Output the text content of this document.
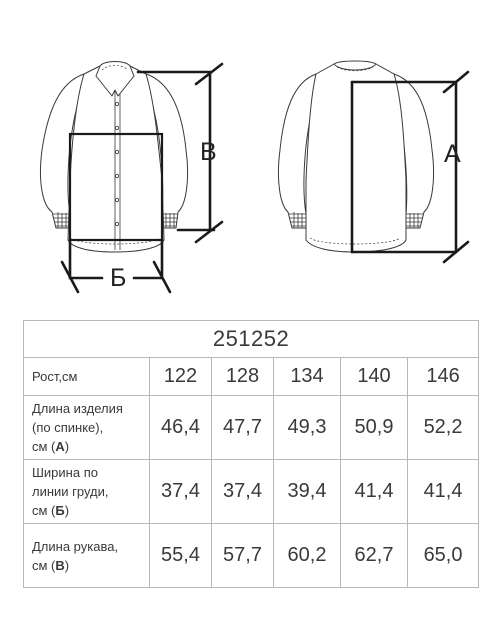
В
Б
А
251252					
Рост,см	122	128	134	140	146
Длина изделия
(по спинке),
см (А)	46,4	47,7	49,3	50,9	52,2
Ширина по
линии груди,
см (Б)	37,4	37,4	39,4	41,4	41,4
Длина рукава,
см (В)	55,4	57,7	60,2	62,7	65,0
